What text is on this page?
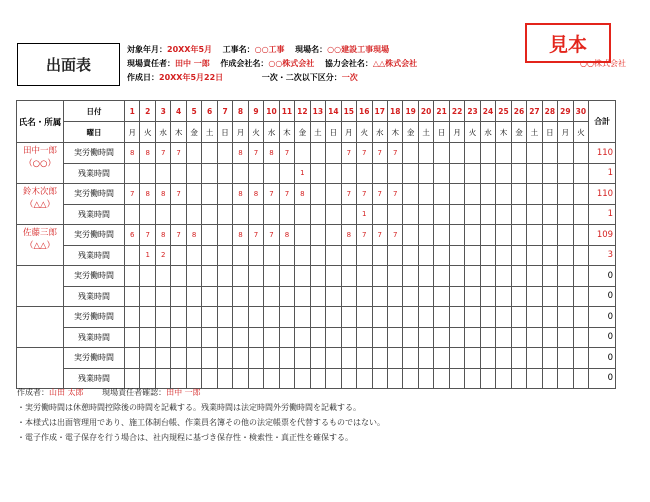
出面表
対象年月：20XX年5月 工事名：○○工事 現場名：○○建設工事現場
現場責任者：田中 一郎 作成会社名：○○株式会社 協力会社名：△△株式会社
作成日：20XX年5月22日	一次・二次以下区分：一次
見本
○○株式会社
氏名・所属	日付	1	2	3	4	5	6	7	8	9	10	11	12	13	14	15	16	17	18	19	20	21	22	23	24	25	26	27	28	29	30	合計
	曜日	月	火	水	木	金	土	日	月	火	水	木	金	土	日	月	火	水	木	金	土	日	月	火	水	木	金	土	日	月	火	

田中一郎
（○○）	実労働時間	8	8	7	7				8	7	8	7				7	7	7	7													110
	残業時間												1																			1

鈴木次郎
（△△）	実労働時間	7	8	8	7				8	8	7	7	8			7	7	7	7													110
	残業時間																1															1

佐藤三郎
（△△）	実労働時間	6	7	8	7	8			8	7	7	8				8	7	7	7													109
	残業時間		1	2																												3

	実労働時間																															0
	残業時間																															0

	実労働時間																															0
	残業時間																															0

	実労働時間																															0
	残業時間																															0
作成者：山田 太郎 現場責任者確認：田中 一郎
・実労働時間は休憩時間控除後の時間を記載する。残業時間は法定時間外労働時間を記載する。
・本様式は出面管理用であり、施工体制台帳、作業員名簿その他の法定帳票を代替するものではない。
・電子作成・電子保存を行う場合は、社内規程に基づき保存性・検索性・真正性を確保する。
